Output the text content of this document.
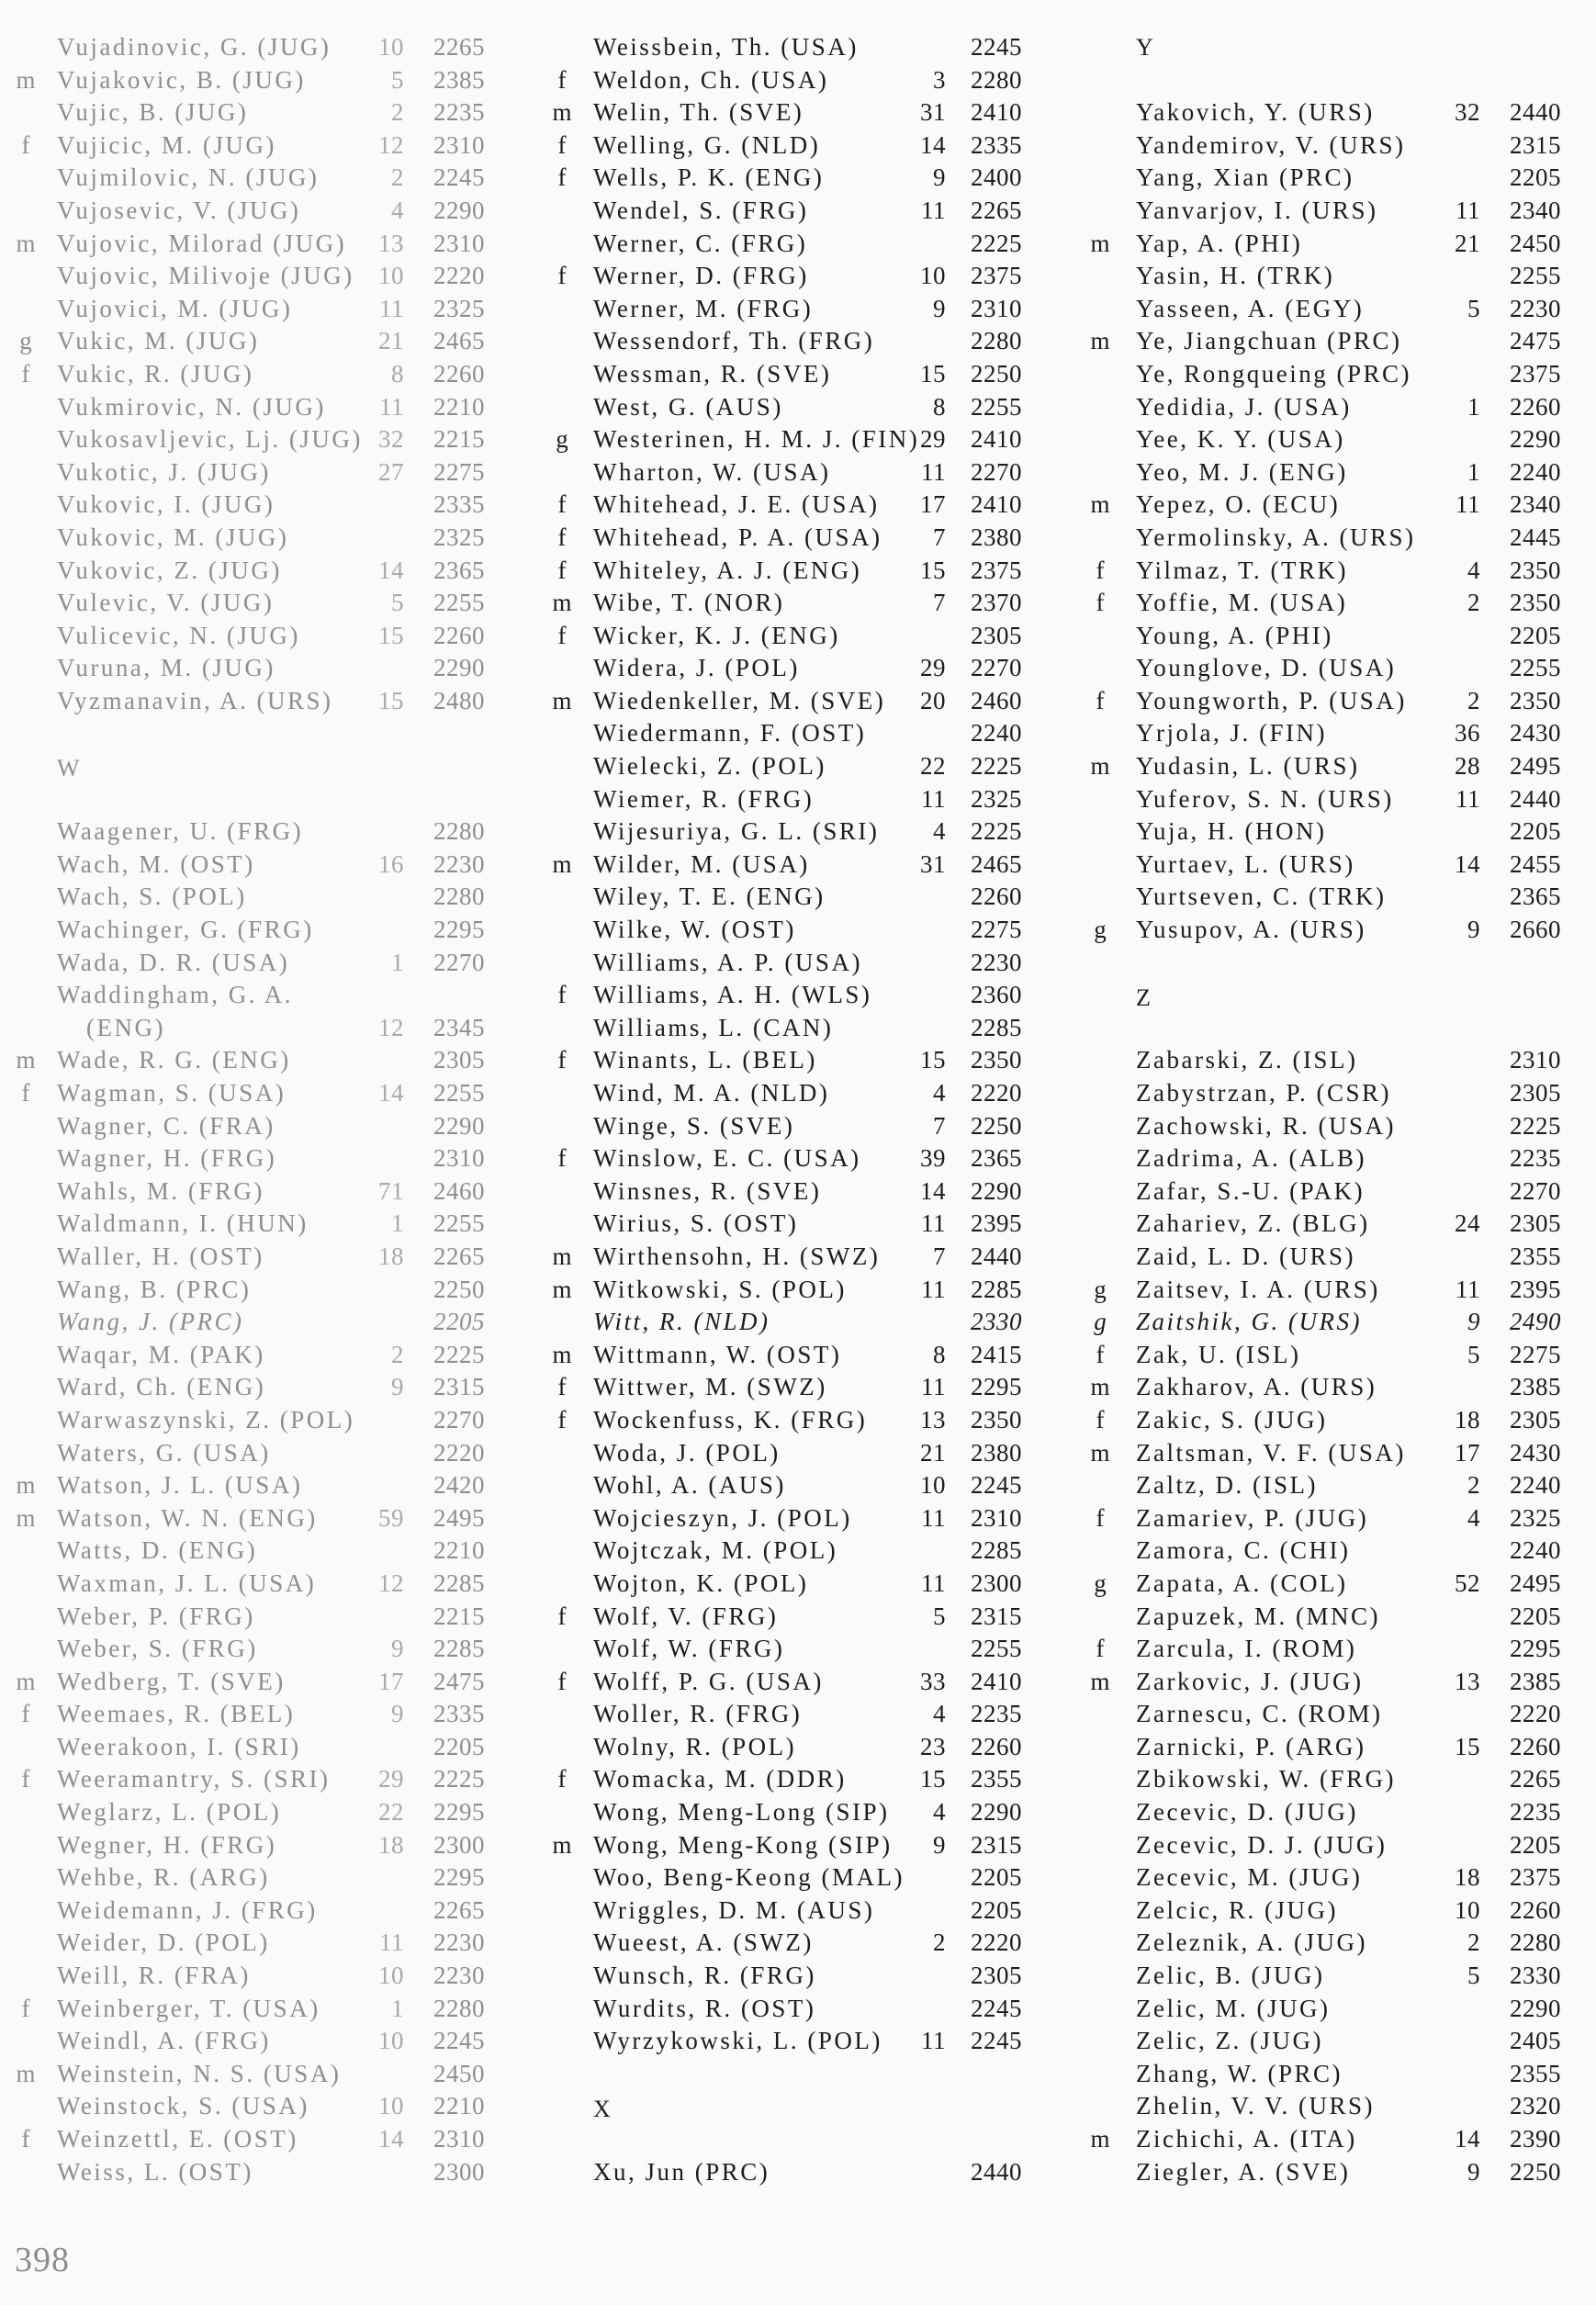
Vujadinovic, G. (JUG) 10 2265
m Vujakovic, B. (JUG)	5 2385
Vujic, B. (JUG)	2 2235
f	Vujicic, M. (JUG)	12 2310
Vujmilovic, N. (JUG)	2 2245
Vujosevic, V. (JUG)	4 2290
m Vujovic, Milorad (JUG) 13 2310
Vujovic, Milivoje (JUG) 10 2220
Vujovici, M. (JUG)	11 2325
g	Vukic, M. (JUG)	21 2465
f	Vukic, R. (JUG)	8 2260
Vukmirovic, N. (JUG) 11 2210
Vukosavljevic, Lj. (JUG) 32 2215
Vukotic, J. (JUG)	27 2275
Vukovic, I. (JUG)	2335
Vukovic, M. (JUG)	2325
Vukovic, Z. (JUG)	14 2365
Vulevic, V. (JUG)	5 2255
Vulicevic, N. (JUG)	15 2260
Vuruna, M. (JUG)	2290
Vyzmanavin, A. (URS) 15 2480
W
Waagener, U. (FRG)	2280
Wach, M. (OST)	16 2230
Wach, S. (POL)	2280
Wachinger, G. (FRG)	2295
Wada, D. R. (USA)	1 2270
Waddingham, G. A.
(ENG)	12 2345
m Wade, R. G. (ENG)	2305
f	Wagman, S. (USA)	14 2255
Wagner, C. (FRA)	2290
Wagner, H. (FRG)	2310
Wahls, M. (FRG)	71 2460
Waldmann, I. (HUN)	1 2255
Waller, H. (OST)	18 2265
Wang, B. (PRC)	2250
Wang, J. (PRC)	2205
Waqar, M. (PAK)	2 2225
Ward, Ch. (ENG)	9 2315
Warwaszynski, Z. (POL)	2270
Waters, G. (USA)	2220
m Watson, J. L. (USA)	2420
m Watson, W. N. (ENG) 59 2495
Watts, D. (ENG)	2210
Waxman, J. L. (USA)	12 2285
Weber, P. (FRG)	2215
Weber, S. (FRG)	9 2285
m Wedberg, T. (SVE)	17 2475
f	Weemaes, R. (BEL)	9 2335
Weerakoon, I. (SRI)	2205
f	Weeramantry, S. (SRI) 29 2225
Weglarz, L. (POL)	22 2295
Wegner, H. (FRG)	18 2300
Wehbe, R. (ARG)	2295
Weidemann, J. (FRG)	2265
Weider, D. (POL)	11 2230
Weill, R. (FRA)	10 2230
f	Weinberger, T. (USA)	1 2280
Weindl, A. (FRG)	10 2245
m Weinstein, N. S. (USA)	2450
Weinstock, S. (USA)	10 2210
f	Weinzettl, E. (OST)	14 2310
Weiss, L. (OST)	2300
Weissbein, Th. (USA)	2245
f	Weldon, Ch. (USA)	3 2280
m Welin, Th. (SVE)	31 2410
f	Welling, G. (NLD)	14 2335
f	Wells, P. K. (ENG)	9 2400
Wendel, S. (FRG)	11 2265
Werner, C. (FRG)	2225
f	Werner, D. (FRG)	10 2375
Werner, M. (FRG)	9 2310
Wessendorf, Th. (FRG)	2280
Wessman, R. (SVE)	15 2250
West, G. (AUS)	8 2255
g	Westerinen, H. M. J. (FIN) 29 2410
Wharton, W. (USA)	11 2270
f	Whitehead, J. E. (USA) 17 2410
f	Whitehead, P. A. (USA) 7 2380
f	Whiteley, A. J. (ENG) 15 2375
m Wibe, T. (NOR)	7 2370
f	Wicker, K. J. (ENG)	2305
Widera, J. (POL)	29 2270
m Wiedenkeller, M. (SVE) 20 2460
Wiedermann, F. (OST)	2240
Wielecki, Z. (POL)	22 2225
Wiemer, R. (FRG)	11 2325
Wijesuriya, G. L. (SRI) 4 2225
m Wilder, M. (USA)	31 2465
Wiley, T. E. (ENG)	2260
Wilke, W. (OST)	2275
Williams, A. P. (USA)	2230
f	Williams, A. H. (WLS)	2360
Williams, L. (CAN)	2285
f	Winants, L. (BEL)	15 2350
Wind, M. A. (NLD)	4 2220
Winge, S. (SVE)	7 2250
f	Winslow, E. C. (USA) 39 2365
Winsnes, R. (SVE)	14 2290
Wirius, S. (OST)	11 2395
m Wirthensohn, H. (SWZ) 7 2440
m Witkowski, S. (POL)	11 2285
Witt, R. (NLD)	2330
m Wittmann, W. (OST)	8 2415
f	Wittwer, M. (SWZ)	11 2295
f	Wockenfuss, K. (FRG) 13 2350
Woda, J. (POL)	21 2380
Wohl, A. (AUS)	10 2245
Wojcieszyn, J. (POL)	11 2310
Wojtczak, M. (POL)	2285
Wojton, K. (POL)	11 2300
f	Wolf, V. (FRG)	5 2315
Wolf, W. (FRG)	2255
f	Wolff, P. G. (USA)	33 2410
Woller, R. (FRG)	4 2235
Wolny, R. (POL)	23 2260
f	Womacka, M. (DDR)	15 2355
Wong, Meng-Long (SIP) 4 2290
m Wong, Meng-Kong (SIP) 9 2315
Woo, Beng-Keong (MAL)	2205
Wriggles, D. M. (AUS)	2205
Wueest, A. (SWZ)	2 2220
Wunsch, R. (FRG)	2305
Wurdits, R. (OST)	2245
Wyrzykowski, L. (POL) 11 2245
X
Xu, Jun (PRC)	2440
Y
Yakovich, Y. (URS)	32 2440
Yandemirov, V. (URS)	2315
Yang, Xian (PRC)	2205
Yanvarjov, I. (URS)	11 2340
m Yap, A. (PHI)	21 2450
Yasin, H. (TRK)	2255
Yasseen, A. (EGY)	5 2230
m Ye, Jiangchuan (PRC)	2475
Ye, Rongqueing (PRC)	2375
Yedidia, J. (USA)	1 2260
Yee, K. Y. (USA)	2290
Yeo, M. J. (ENG)	1 2240
m Yepez, O. (ECU)	11 2340
Yermolinsky, A. (URS)	2445
f	Yilmaz, T. (TRK)	4 2350
f	Yoffie, M. (USA)	2 2350
Young, A. (PHI)	2205
Younglove, D. (USA)	2255
f	Youngworth, P. (USA) 2 2350
Yrjola, J. (FIN)	36 2430
m Yudasin, L. (URS)	28 2495
Yuferov, S. N. (URS) 11 2440
Yuja, H. (HON)	2205
Yurtaev, L. (URS)	14 2455
Yurtseven, C. (TRK)	2365
g	Yusupov, A. (URS)	9 2660
Z
Zabarski, Z. (ISL)	2310
Zabystrzan, P. (CSR)	2305
Zachowski, R. (USA)	2225
Zadrima, A. (ALB)	2235
Zafar, S.-U. (PAK)	2270
Zahariev, Z. (BLG)	24 2305
Zaid, L. D. (URS)	2355
g	Zaitsev, I. A. (URS)	11 2395
g	Zaitshik, G. (URS)	9 2490
f	Zak, U. (ISL)	5 2275
m Zakharov, A. (URS)	2385
f	Zakic, S. (JUG)	18 2305
m Zaltsman, V. F. (USA) 17 2430
Zaltz, D. (ISL)	2 2240
f	Zamariev, P. (JUG)	4 2325
Zamora, C. (CHI)	2240
g	Zapata, A. (COL)	52 2495
Zapuzek, M. (MNC)	2205
f	Zarcula, I. (ROM)	2295
m Zarkovic, J. (JUG)	13 2385
Zarnescu, C. (ROM)	2220
Zarnicki, P. (ARG)	15 2260
Zbikowski, W. (FRG)	2265
Zecevic, D. (JUG)	2235
Zecevic, D. J. (JUG)	2205
Zecevic, M. (JUG)	18 2375
Zelcic, R. (JUG)	10 2260
Zeleznik, A. (JUG)	2 2280
Zelic, B. (JUG)	5 2330
Zelic, M. (JUG)	2290
Zelic, Z. (JUG)	2405
Zhang, W. (PRC)	2355
Zhelin, V. V. (URS)	2320
m Zichichi, A. (ITA)	14 2390
Ziegler, A. (SVE)	9 2250
398
